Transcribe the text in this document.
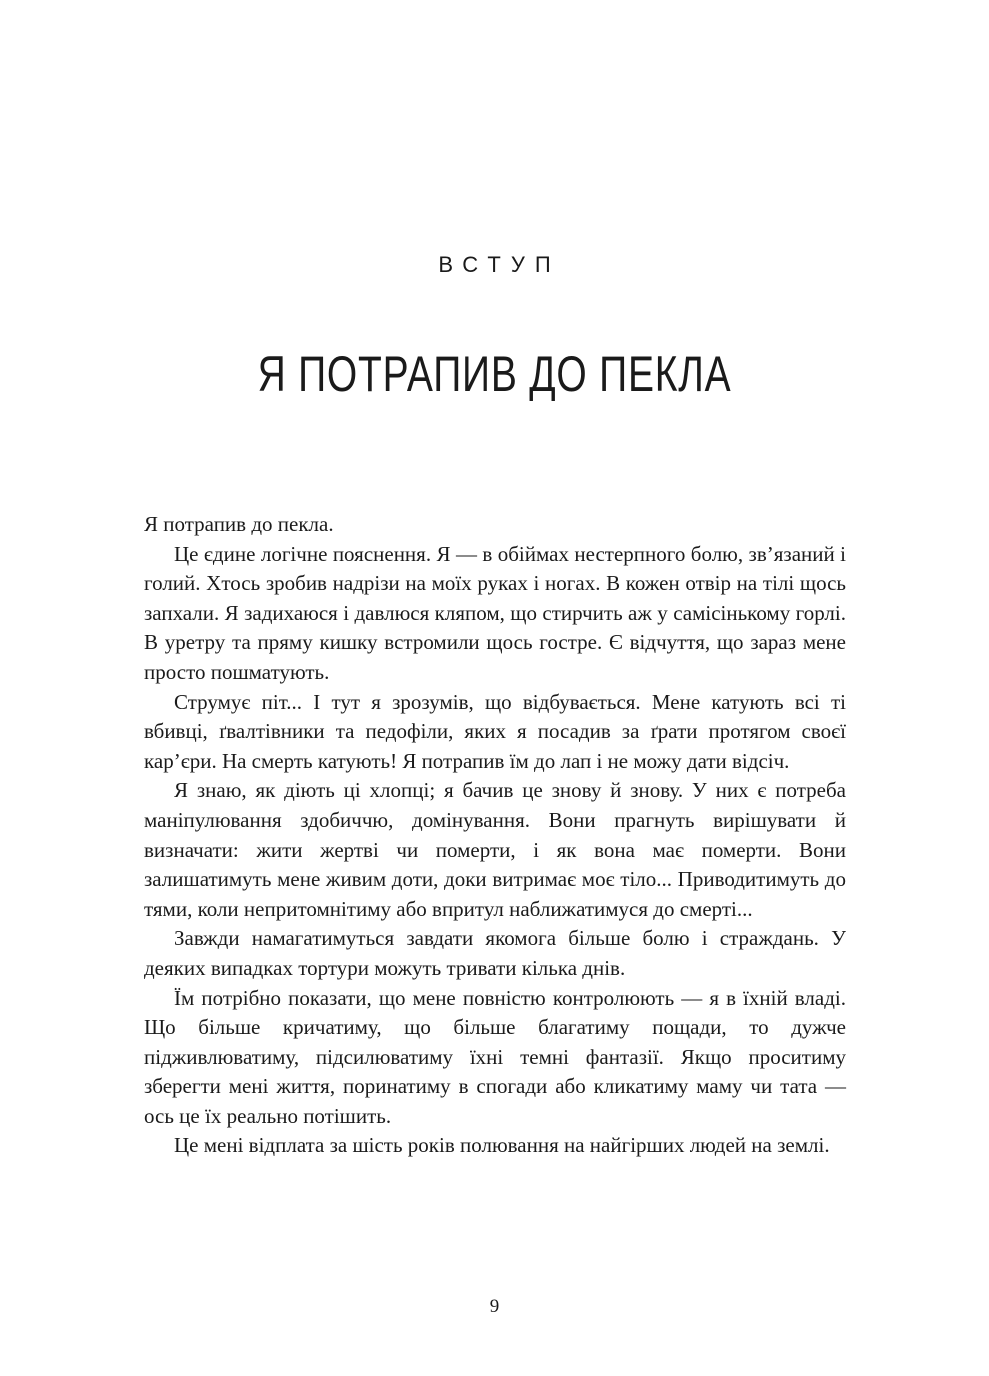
ВСТУП
Я ПОТРАПИВ ДО ПЕКЛА

Я потрапив до пекла.

Це єдине логічне пояснення. Я — в обіймах нестерпного болю, зв’язаний і голий. Хтось зробив надрізи на моїх руках і ногах. В кожен отвір на тілі щось запхали. Я задихаюся і давлюся кляпом, що стирчить аж у самісінькому горлі. В уретру та пряму кишку встромили щось гостре. Є відчуття, що зараз мене просто пошматують.

Струмує піт... І тут я зрозумів, що відбувається. Мене катують всі ті вбивці, ґвалтівники та педофіли, яких я посадив за ґрати протягом своєї кар’єри. На смерть катують! Я потрапив їм до лап і не можу дати відсіч.

Я знаю, як діють ці хлопці; я бачив це знову й знову. У них є потреба маніпулювання здобиччю, домінування. Вони прагнуть вирішувати й визначати: жити жертві чи померти, і як вона має померти. Вони залишатимуть мене живим доти, доки витримає моє тіло... Приводитимуть до тями, коли непритомнітиму або впритул наближатимуся до смерті...

Завжди намагатимуться завдати якомога більше болю і страждань. У деяких випадках тортури можуть тривати кілька днів.

Їм потрібно показати, що мене повністю контролюють — я в їхній владі. Що більше кричатиму, що більше благатиму пощади, то дужче підживлюватиму, підсилюватиму їхні темні фантазії. Якщо проситиму зберегти мені життя, поринатиму в спогади або кликатиму маму чи тата — ось це їх реально потішить.

Це мені відплата за шість років полювання на найгірших людей на землі.

9
